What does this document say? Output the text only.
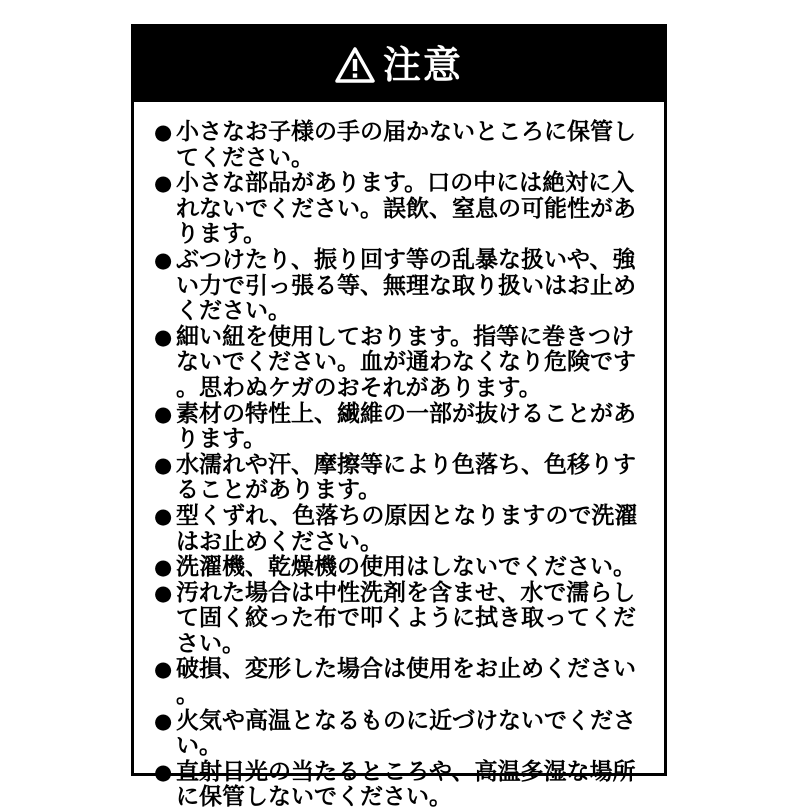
注意
● 小さなお子様の手の届かないところに保管してください。
● 小さな部品があります。口の中には絶対に入れないでください。誤飲、窒息の可能性があります。
● ぶつけたり、振り回す等の乱暴な扱いや、強い力で引っ張る等、無理な取り扱いはお止めください。
● 細い紐を使用しております。指等に巻きつけないでください。血が通わなくなり危険です。思わぬケガのおそれがあります。
● 素材の特性上、繊維の一部が抜けることがあります。
● 水濡れや汗、摩擦等により色落ち、色移りすることがあります。
● 型くずれ、色落ちの原因となりますので洗濯はお止めください。
● 洗濯機、乾燥機の使用はしないでください。
● 汚れた場合は中性洗剤を含ませ、水で濡らして固く絞った布で叩くように拭き取ってください。
● 破損、変形した場合は使用をお止めください。
● 火気や高温となるものに近づけないでください。
● 直射日光の当たるところや、高温多湿な場所に保管しないでください。
